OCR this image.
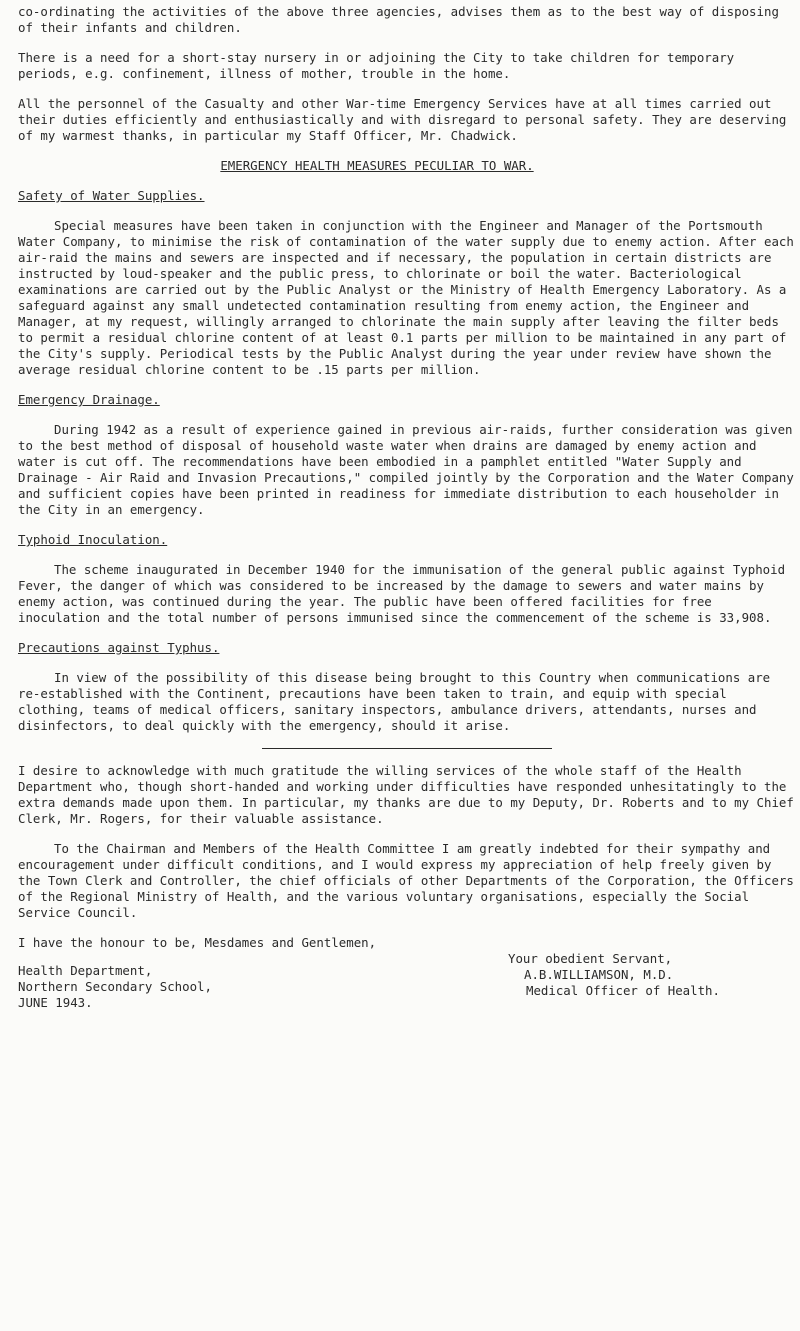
co-ordinating the activities of the above three agencies, advises them as to the best way of disposing of their infants and children.

There is a need for a short-stay nursery in or adjoining the City to take children for temporary periods, e.g. confinement, illness of mother, trouble in the home.

All the personnel of the Casualty and other War-time Emergency Services have at all times carried out their duties efficiently and enthusiastically and with disregard to personal safety. They are deserving of my warmest thanks, in particular my Staff Officer, Mr. Chadwick.

EMERGENCY HEALTH MEASURES PECULIAR TO WAR.

Safety of Water Supplies.

Special measures have been taken in conjunction with the Engineer and Manager of the Portsmouth Water Company, to minimise the risk of contamination of the water supply due to enemy action. After each air-raid the mains and sewers are inspected and if necessary, the population in certain districts are instructed by loud-speaker and the public press, to chlorinate or boil the water. Bacteriological examinations are carried out by the Public Analyst or the Ministry of Health Emergency Laboratory. As a safeguard against any small undetected contamination resulting from enemy action, the Engineer and Manager, at my request, willingly arranged to chlorinate the main supply after leaving the filter beds to permit a residual chlorine content of at least 0.1 parts per million to be maintained in any part of the City's supply. Periodical tests by the Public Analyst during the year under review have shown the average residual chlorine content to be .15 parts per million.

Emergency Drainage.

During 1942 as a result of experience gained in previous air-raids, further consideration was given to the best method of disposal of household waste water when drains are damaged by enemy action and water is cut off. The recommendations have been embodied in a pamphlet entitled "Water Supply and Drainage - Air Raid and Invasion Precautions," compiled jointly by the Corporation and the Water Company and sufficient copies have been printed in readiness for immediate distribution to each householder in the City in an emergency.

Typhoid Inoculation.

The scheme inaugurated in December 1940 for the immunisation of the general public against Typhoid Fever, the danger of which was considered to be increased by the damage to sewers and water mains by enemy action, was continued during the year. The public have been offered facilities for free inoculation and the total number of persons immunised since the commencement of the scheme is 33,908.

Precautions against Typhus.

In view of the possibility of this disease being brought to this Country when communications are re-established with the Continent, precautions have been taken to train, and equip with special clothing, teams of medical officers, sanitary inspectors, ambulance drivers, attendants, nurses and disinfectors, to deal quickly with the emergency, should it arise.

I desire to acknowledge with much gratitude the willing services of the whole staff of the Health Department who, though short-handed and working under difficulties have responded unhesitatingly to the extra demands made upon them. In particular, my thanks are due to my Deputy, Dr. Roberts and to my Chief Clerk, Mr. Rogers, for their valuable assistance.

To the Chairman and Members of the Health Committee I am greatly indebted for their sympathy and encouragement under difficult conditions, and I would express my appreciation of help freely given by the Town Clerk and Controller, the chief officials of other Departments of the Corporation, the Officers of the Regional Ministry of Health, and the various voluntary organisations, especially the Social Service Council.

I have the honour to be, Mesdames and Gentlemen,

Health Department,

Northern Secondary School,

JUNE 1943.

Your obedient Servant,

A.B.WILLIAMSON, M.D.

Medical Officer of Health.
